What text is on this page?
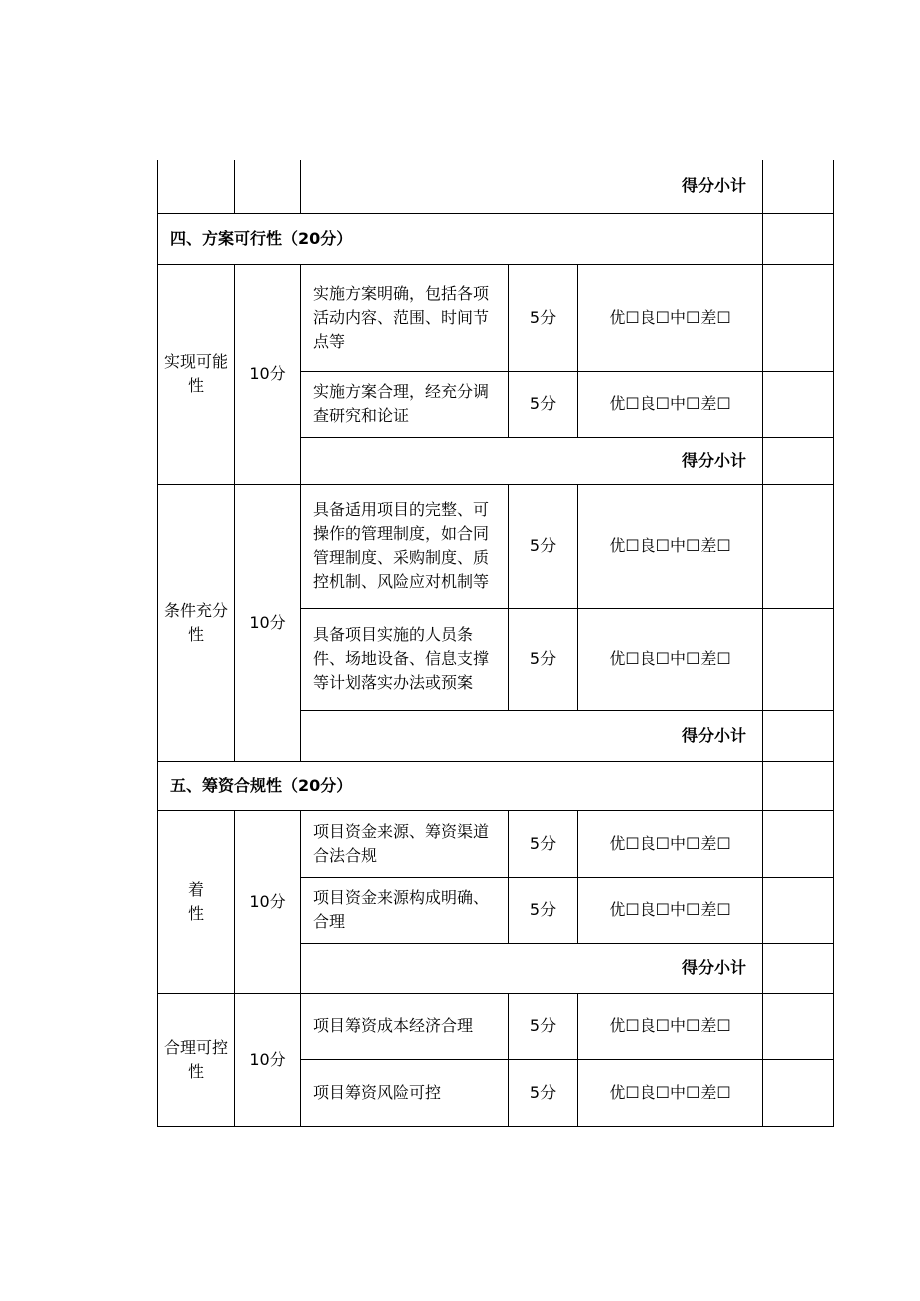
		得分小计			
四、方案可行性（20分）					
实现可能
性	10分	实施方案明确，包括各项活动内容、范围、时间节点等	5分	优☐良☐中☐差☐	
		实施方案合理，经充分调查研究和论证	5分	优☐良☐中☐差☐	
		得分小计			
条件充分
性	10分	具备适用项目的完整、可操作的管理制度，如合同管理制度、采购制度、质控机制、风险应对机制等	5分	优☐良☐中☐差☐	
		具备项目实施的人员条件、场地设备、信息支撑等计划落实办法或预案	5分	优☐良☐中☐差☐	
		得分小计			
五、筹资合规性（20分）					
着
性	10分	项目资金来源、筹资渠道合法合规	5分	优☐良☐中☐差☐	
		项目资金来源构成明确、合理	5分	优☐良☐中☐差☐	
		得分小计			
合理可控
性	10分	项目筹资成本经济合理	5分	优☐良☐中☐差☐	
		项目筹资风险可控	5分	优☐良☐中☐差☐	
